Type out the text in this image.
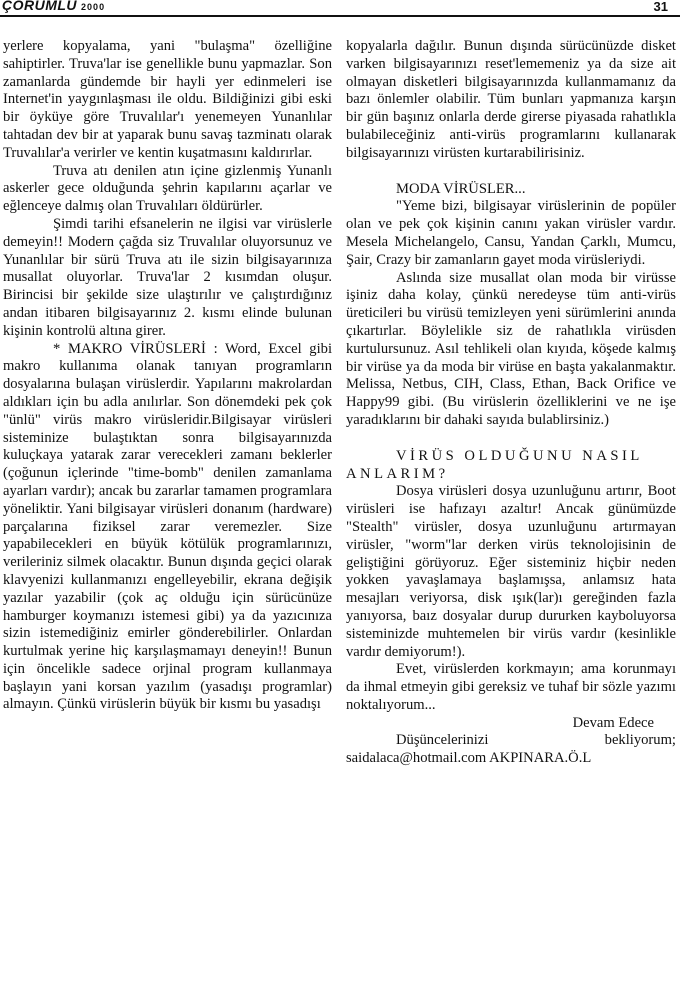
ÇORUMLU 2000	31

yerlere kopyalama, yani "bulaşma" özelliğine sahiptirler. Truva'lar ise genellikle bunu yapmazlar. Son zamanlarda gündemde bir hayli yer edinmeleri ise Internet'in yaygınlaşması ile oldu. Bildiğinizi gibi eski bir öyküye göre Truvalılar'ı yenemeyen Yunanlılar tahtadan dev bir at yaparak bunu savaş tazminatı olarak Truvalılar'a verirler ve kentin kuşatmasını kaldırırlar.

Truva atı denilen atın içine gizlenmiş Yunanlı askerler gece olduğunda şehrin kapılarını açarlar ve eğlenceye dalmış olan Truvalıları öldürürler.

Şimdi tarihi efsanelerin ne ilgisi var virüslerle demeyin!! Modern çağda siz Truvalılar oluyorsunuz ve Yunanlılar bir sürü Truva atı ile sizin bilgisayarınıza musallat oluyorlar. Truva'lar 2 kısımdan oluşur. Birincisi bir şekilde size ulaştırılır ve çalıştırdığınız andan itibaren bilgisayarınız 2. kısmı elinde bulunan kişinin kontrolü altına girer.

* MAKRO VİRÜSLERİ : Word, Excel gibi makro kullanıma olanak tanıyan programların dosyalarına bulaşan virüslerdir. Yapılarını makrolardan aldıkları için bu adla anılırlar. Son dönemdeki pek çok "ünlü" virüs makro virüsleridir.Bilgisayar virüsleri sisteminize bulaştıktan sonra bilgisayarınızda kuluçkaya yatarak zarar verecekleri zamanı beklerler (çoğunun içlerinde "time-bomb" denilen zamanlama ayarları vardır); ancak bu zararlar tamamen programlara yöneliktir. Yani bilgisayar virüsleri donanım (hardware) parçalarına fiziksel zarar veremezler. Size yapabilecekleri en büyük kötülük programlarınızı, verileriniz silmek olacaktır. Bunun dışında geçici olarak klavyenizi kullanmanızı engelleyebilir, ekrana değişik yazılar yazabilir (çok aç olduğu için sürücünüze hamburger koymanızı istemesi gibi) ya da yazıcınıza sizin istemediğiniz emirler gönderebilirler. Onlardan kurtulmak yerine hiç karşılaşmamayı deneyin!! Bunun için öncelikle sadece orjinal program kullanmaya başlayın yani korsan yazılım (yasadışı programlar) almayın. Çünkü virüslerin büyük bir kısmı bu yasadışı

kopyalarla dağılır. Bunun dışında sürücünüzde disket varken bilgisayarınızı reset'lememeniz ya da size ait olmayan disketleri bilgisayarınızda kullanmamanız da bazı önlemler olabilir. Tüm bunları yapmanıza karşın bir gün başınız onlarla derde girerse piyasada rahatlıkla bulabileceğiniz anti-virüs programlarını kullanarak bilgisayarınızı virüsten kurtarabilirisiniz.

MODA VİRÜSLER...

"Yeme bizi, bilgisayar virüslerinin de popüler olan ve pek çok kişinin canını yakan virüsler vardır. Mesela Michelangelo, Cansu, Yandan Çarklı, Mumcu, Şair, Crazy bir zamanların gayet moda virüsleriydi.

Aslında size musallat olan moda bir virüsse işiniz daha kolay, çünkü neredeyse tüm anti-virüs üreticileri bu virüsü temizleyen yeni sürümlerini anında çıkartırlar. Böylelikle siz de rahatlıkla virüsden kurtulursunuz. Asıl tehlikeli olan kıyıda, köşede kalmış bir virüse ya da moda bir virüse en başta yakalanmaktır. Melissa, Netbus, CIH, Class, Ethan, Back Orifice ve Happy99 gibi. (Bu virüslerin özelliklerini ve ne işe yaradıklarını bir dahaki sayıda bulablirsiniz.)

VİRÜS OLDUĞUNU NASIL ANLARIM?

Dosya virüsleri dosya uzunluğunu artırır, Boot virüsleri ise hafızayı azaltır! Ancak günümüzde "Stealth" virüsler, dosya uzunluğunu artırmayan virüsler, "worm"lar derken virüs teknolojisinin de geliştiğini görüyoruz. Eğer sisteminiz hiçbir neden yokken yavaşlamaya başlamışsa, anlamsız hata mesajları veriyorsa, disk ışık(lar)ı gereğinden fazla yanıyorsa, baız dosyalar durup dururken kayboluyorsa sisteminizde muhtemelen bir virüs vardır (kesinlikle vardır demiyorum!).

Evet, virüslerden korkmayın; ama korunmayı da ihmal etmeyin gibi gereksiz ve tuhaf bir sözle yazımı noktalıyorum...

Devam Edece

Düşüncelerinizi bekliyorum; saidalaca@hotmail.com AKPINARA.Ö.L
